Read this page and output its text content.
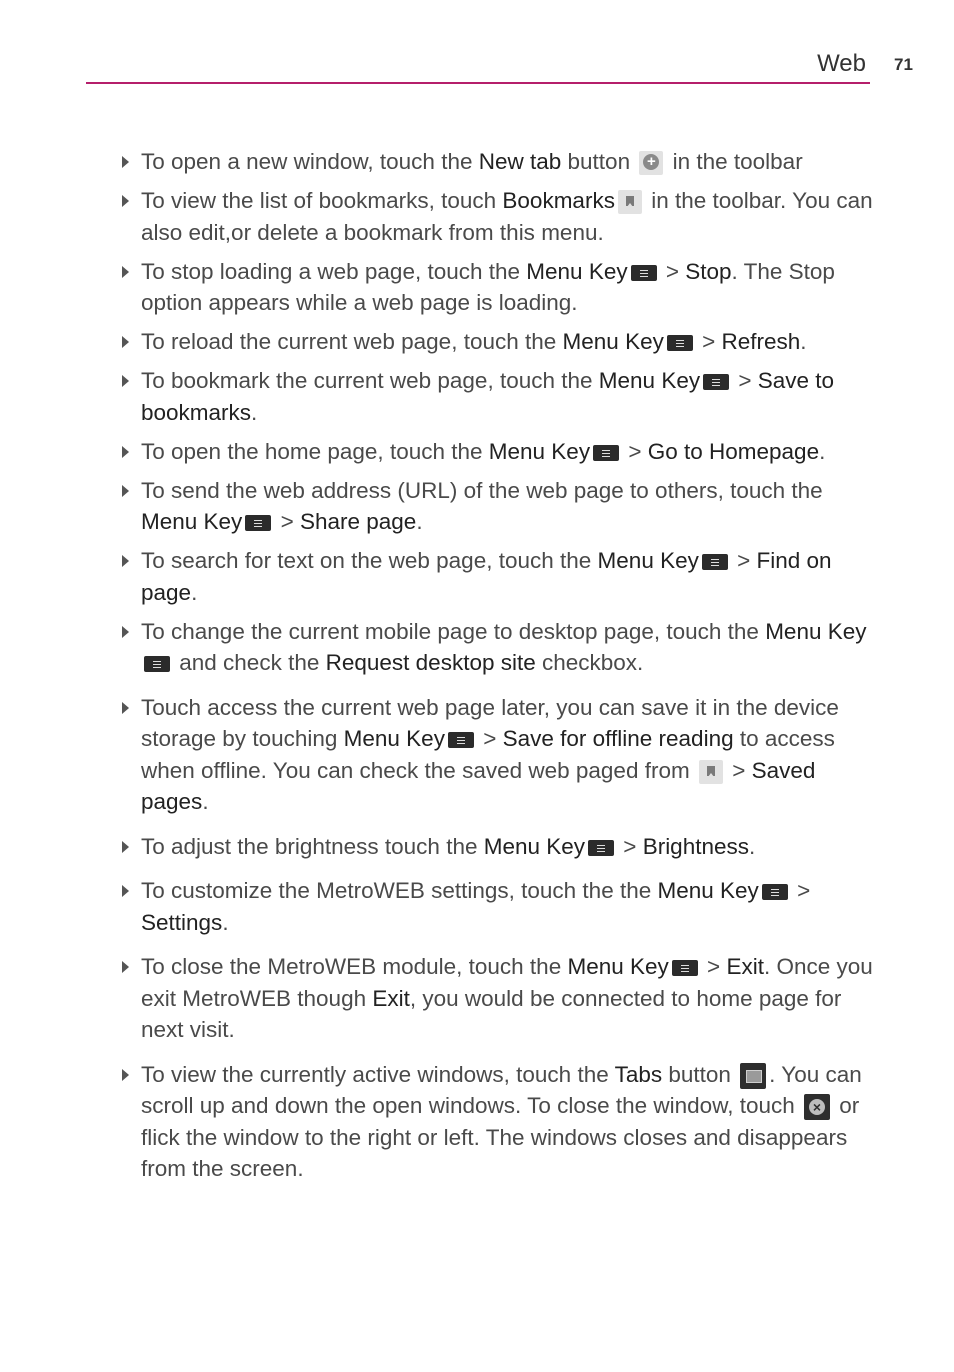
Web 71
To open a new window, touch the New tab button + in the toolbar
To view the list of bookmarks, touch Bookmarks in the toolbar. You can also edit,or delete a bookmark from this menu.
To stop loading a web page, touch the Menu Key
> Stop. The Stop option appears while a web page is loading.
To reload the current web page, touch the Menu Key
> Refresh.
To bookmark the current web page, touch the Menu Key
> Save to bookmarks.
To open the home page, touch the Menu Key
> Go to Homepage.
To send the web address (URL) of the web page to others, touch the Menu Key
> Share page.
To search for text on the web page, touch the Menu Key
> Find on page.
To change the current mobile page to desktop page, touch the Menu Key
and check the Request desktop site checkbox.
Touch access the current web page later, you can save it in the device storage by touching Menu Key
> Save for offline reading to access when offline. You can check the saved web paged from  > Saved pages.
To adjust the brightness touch the Menu Key
> Brightness.
To customize the MetroWEB settings, touch the the Menu Key
> Settings.
To close the MetroWEB module, touch the Menu Key
> Exit. Once you exit MetroWEB though Exit, you would be connected to home page for next visit.
To view the currently active windows, touch the Tabs button . You can scroll up and down the open windows. To close the window, touch × or flick the window to the right or left. The windows closes and disappears from the screen.
